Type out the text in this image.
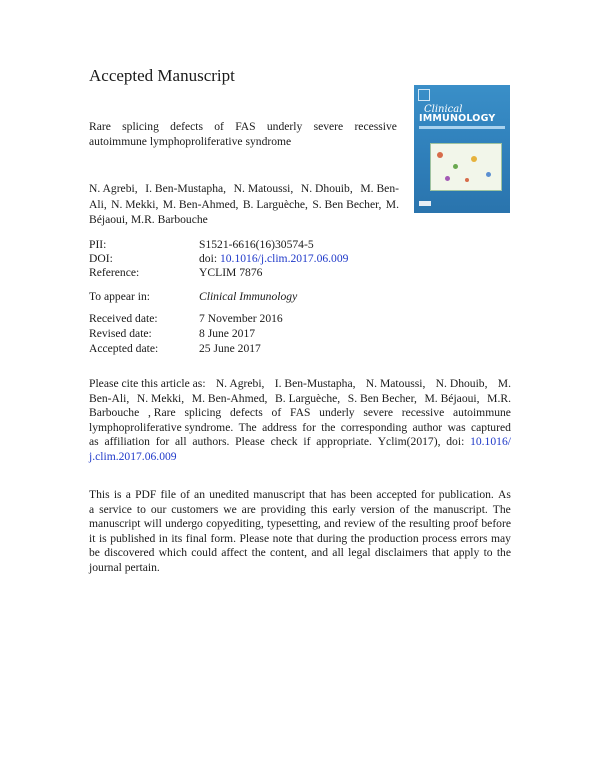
Accepted Manuscript
Rare splicing defects of FAS underly severe recessive
autoimmune lymphoproliferative syndrome
Clinical
IMMUNOLOGY
N. Agrebi, I. Ben-Mustapha, N. Matoussi, N. Dhouib, M. Ben-
Ali, N. Mekki, M. Ben-Ahmed, B. Larguèche, S. Ben Becher, M.
Béjaoui, M.R. Barbouche
PII:	S1521-6616(16)30574-5
DOI:	doi: 10.1016/j.clim.2017.06.009
Reference:	YCLIM 7876
To appear in:	Clinical Immunology
Received date:	7 November 2016
Revised date:	8 June 2017
Accepted date:	25 June 2017
Please cite this article as: N. Agrebi, I. Ben-Mustapha, N. Matoussi, N. Dhouib, M.
Ben-Ali, N. Mekki, M. Ben-Ahmed, B. Larguèche, S. Ben Becher, M. Béjaoui, M.R.
Barbouche , Rare splicing defects of FAS underly severe recessive autoimmune
lymphoproliferative syndrome. The address for the corresponding author was captured
as affiliation for all authors. Please check if appropriate. Yclim(2017), doi: 10.1016/
j.clim.2017.06.009
This is a PDF file of an unedited manuscript that has been accepted for publication. As
a service to our customers we are providing this early version of the manuscript. The
manuscript will undergo copyediting, typesetting, and review of the resulting proof before
it is published in its final form. Please note that during the production process errors may
be discovered which could affect the content, and all legal disclaimers that apply to the
journal pertain.
